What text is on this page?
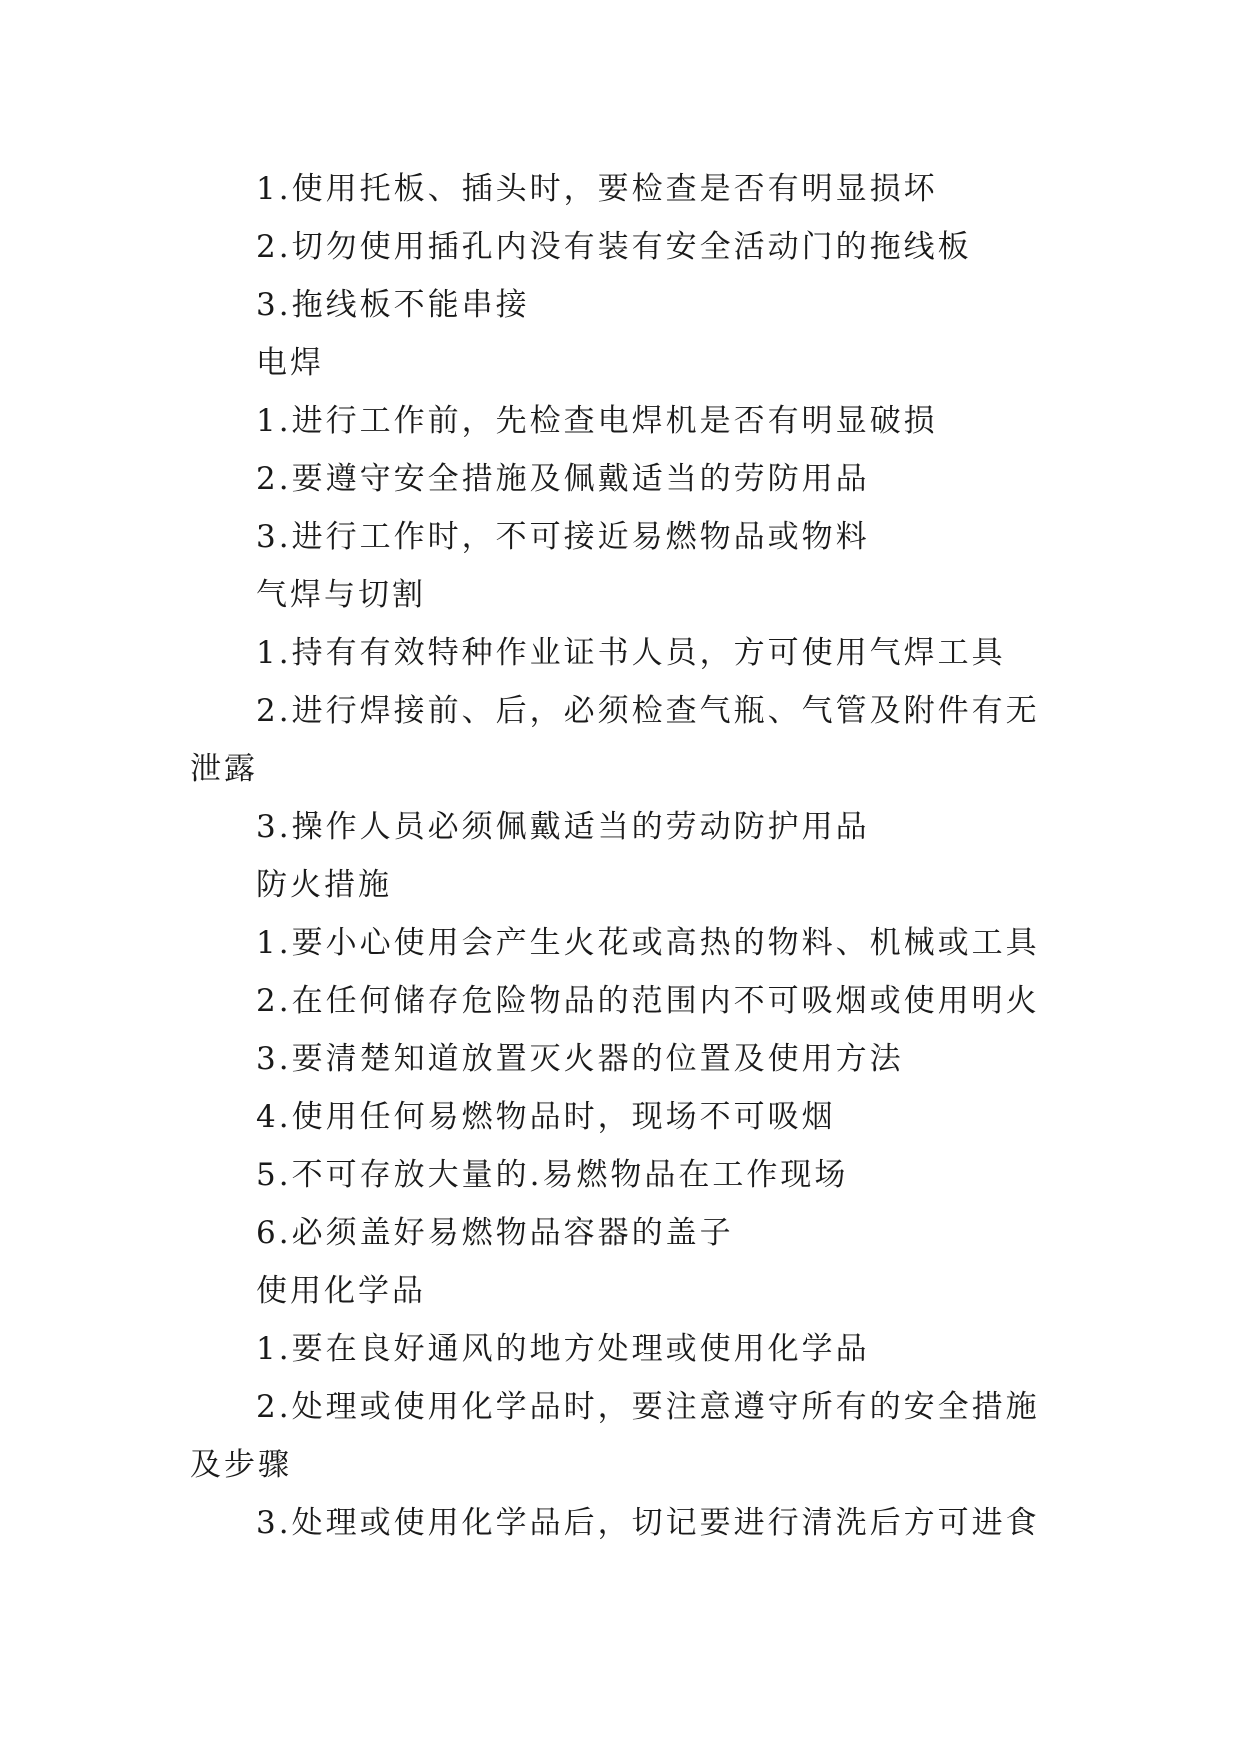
1.使用托板、插头时，要检查是否有明显损坏

2.切勿使用插孔内没有装有安全活动门的拖线板

3.拖线板不能串接

电焊

1.进行工作前，先检查电焊机是否有明显破损

2.要遵守安全措施及佩戴适当的劳防用品

3.进行工作时，不可接近易燃物品或物料

气焊与切割

1.持有有效特种作业证书人员，方可使用气焊工具

2.进行焊接前、后，必须检查气瓶、气管及附件有无泄露

3.操作人员必须佩戴适当的劳动防护用品

防火措施

1.要小心使用会产生火花或高热的物料、机械或工具

2.在任何储存危险物品的范围内不可吸烟或使用明火

3.要清楚知道放置灭火器的位置及使用方法

4.使用任何易燃物品时，现场不可吸烟

5.不可存放大量的.易燃物品在工作现场

6.必须盖好易燃物品容器的盖子

使用化学品

1.要在良好通风的地方处理或使用化学品

2.处理或使用化学品时，要注意遵守所有的安全措施及步骤

3.处理或使用化学品后，切记要进行清洗后方可进食
